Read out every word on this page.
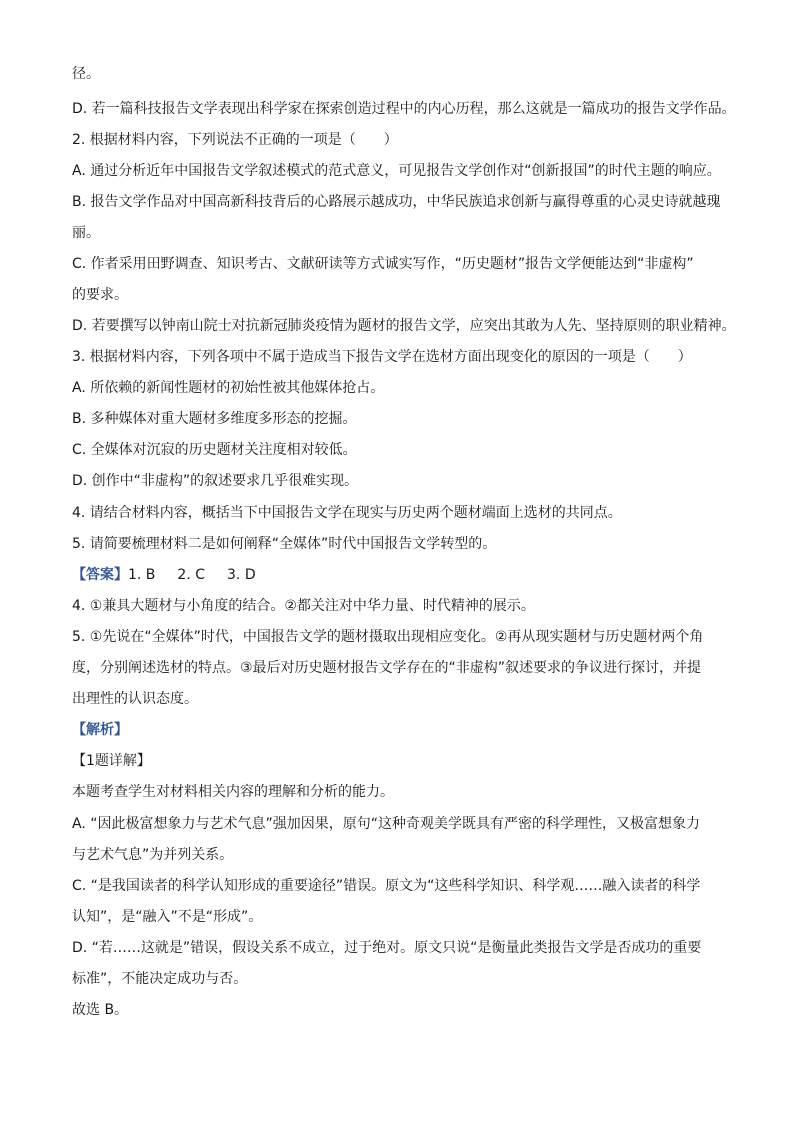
径。
D. 若一篇科技报告文学表现出科学家在探索创造过程中的内心历程，那么这就是一篇成功的报告文学作品。
2. 根据材料内容，下列说法不正确的一项是（　　）
A. 通过分析近年中国报告文学叙述模式的范式意义，可见报告文学创作对“创新报国”的时代主题的响应。
B. 报告文学作品对中国高新科技背后的心路展示越成功，中华民族追求创新与赢得尊重的心灵史诗就越瑰
丽。
C. 作者采用田野调查、知识考古、文献研读等方式诚实写作，“历史题材”报告文学便能达到“非虚构”
的要求。
D. 若要撰写以钟南山院士对抗新冠肺炎疫情为题材的报告文学，应突出其敢为人先、坚持原则的职业精神。
3. 根据材料内容，下列各项中不属于造成当下报告文学在选材方面出现变化的原因的一项是（　　）
A. 所依赖的新闻性题材的初始性被其他媒体抢占。
B. 多种媒体对重大题材多维度多形态的挖掘。
C. 全媒体对沉寂的历史题材关注度相对较低。
D. 创作中“非虚构”的叙述要求几乎很难实现。
4. 请结合材料内容，概括当下中国报告文学在现实与历史两个题材端面上选材的共同点。
5. 请简要梳理材料二是如何阐释“全媒体”时代中国报告文学转型的。
【答案】1. B 2. C 3. D
4. ①兼具大题材与小角度的结合。②都关注对中华力量、时代精神的展示。
5. ①先说在“全媒体”时代，中国报告文学的题材摄取出现相应变化。②再从现实题材与历史题材两个角
度，分别阐述选材的特点。③最后对历史题材报告文学存在的“非虚构”叙述要求的争议进行探讨，并提
出理性的认识态度。
【解析】
【1题详解】
本题考查学生对材料相关内容的理解和分析的能力。
A. “因此极富想象力与艺术气息”强加因果，原句“这种奇观美学既具有严密的科学理性，又极富想象力
与艺术气息”为并列关系。
C. “是我国读者的科学认知形成的重要途径”错误。原文为“这些科学知识、科学观……融入读者的科学
认知”，是“融入”不是“形成”。
D. “若……这就是”错误，假设关系不成立，过于绝对。原文只说“是衡量此类报告文学是否成功的重要
标准”，不能决定成功与否。
故选 B。
